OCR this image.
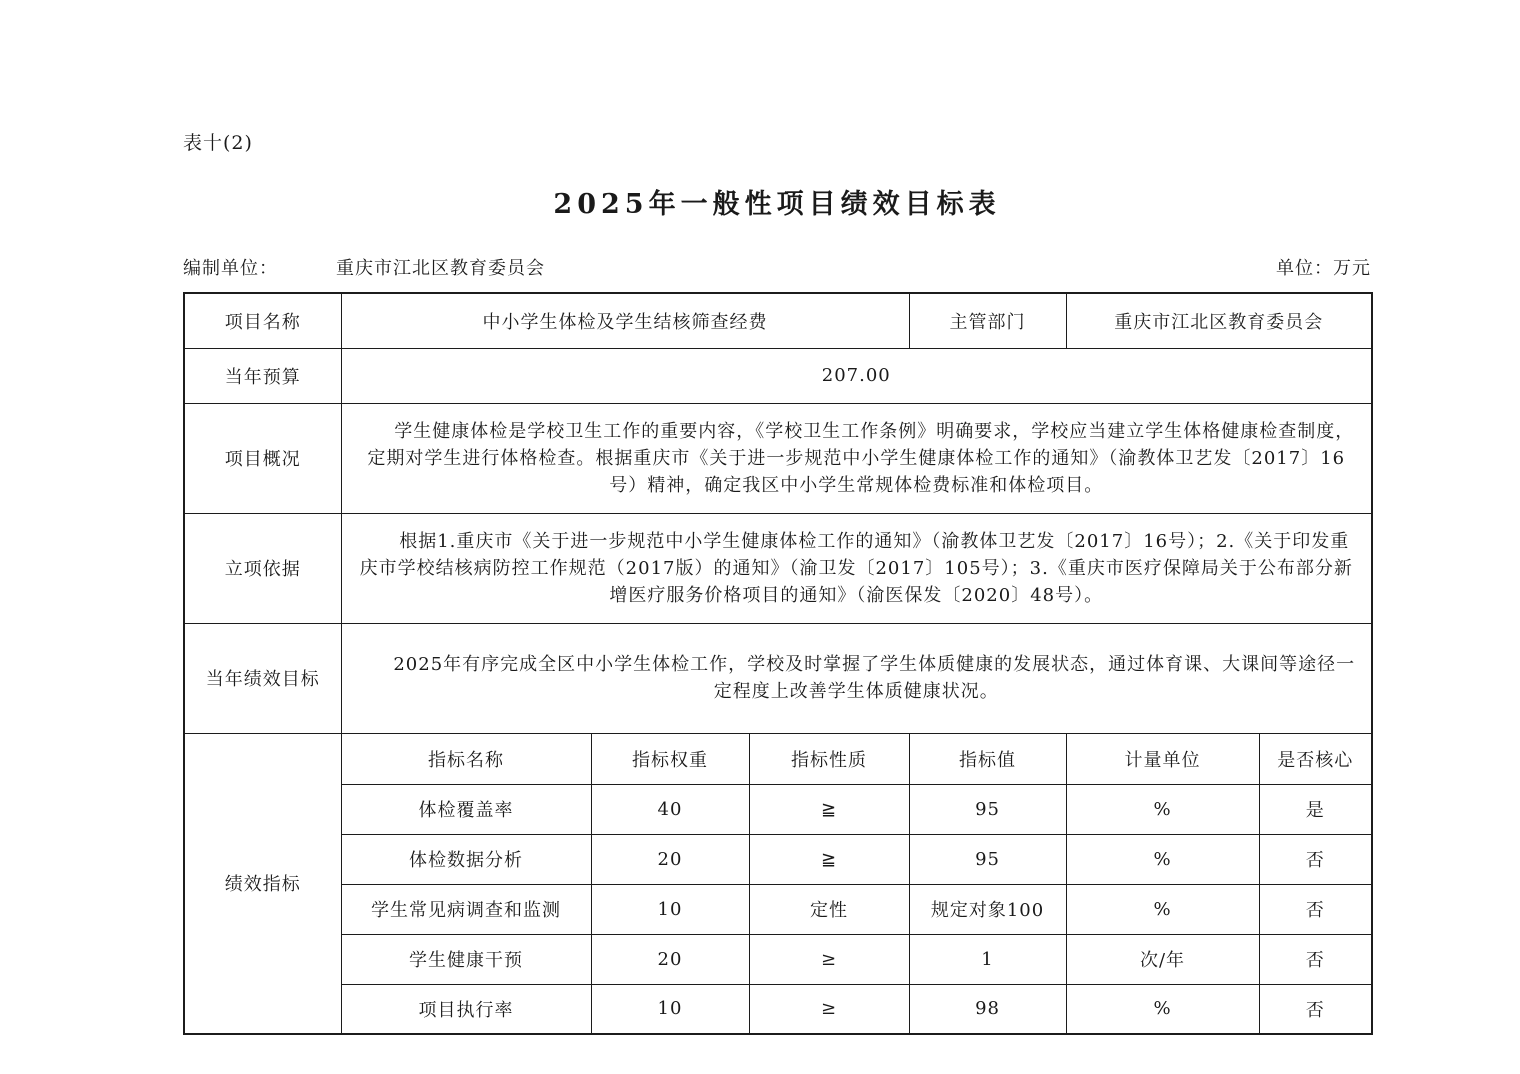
表十(2)
2025年一般性项目绩效目标表
编制单位：	重庆市江北区教育委员会	单位：万元
项目名称	中小学生体检及学生结核筛查经费			主管部门	重庆市江北区教育委员会	
当年预算	207.00					
项目概况	学生健康体检是学校卫生工作的重要内容，《学校卫生工作条例》明确要求，学校应当建立学生体格健康检查制度，定期对学生进行体格检查。根据重庆市《关于进一步规范中小学生健康体检工作的通知》（渝教体卫艺发〔2017〕16号）精神，确定我区中小学生常规体检费标准和体检项目。					

立项依据	根据1.重庆市《关于进一步规范中小学生健康体检工作的通知》（渝教体卫艺发〔2017〕16号）；2.《关于印发重庆市学校结核病防控工作规范（2017版）的通知》（渝卫发〔2017〕105号）；3.《重庆市医疗保障局关于公布部分新增医疗服务价格项目的通知》（渝医保发〔2020〕48号）。					

当年绩效目标	2025年有序完成全区中小学生体检工作，学校及时掌握了学生体质健康的发展状态，通过体育课、大课间等途径一定程度上改善学生体质健康状况。					

绩效指标	指标名称	指标权重	指标性质	指标值	计量单位	是否核心
	体检覆盖率	40	≧	95	%	是
	体检数据分析	20	≧	95	%	否
	学生常见病调查和监测	10	定性	规定对象100	%	否
	学生健康干预	20	≥	1	次/年	否
	项目执行率	10	≥	98	%	否
